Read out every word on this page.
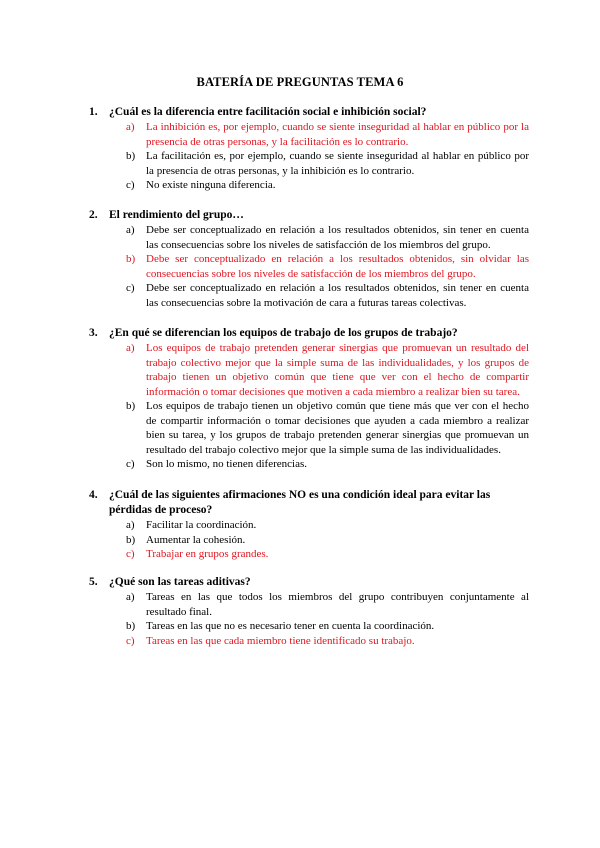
BATERÍA DE PREGUNTAS TEMA 6
1. ¿Cuál es la diferencia entre facilitación social e inhibición social?
a)	La inhibición es, por ejemplo, cuando se siente inseguridad al hablar en público por la presencia de otras personas, y la facilitación es lo contrario.
b) La facilitación es, por ejemplo, cuando se siente inseguridad al hablar en público por la presencia de otras personas, y la inhibición es lo contrario.
c)	No existe ninguna diferencia.
2. El rendimiento del grupo…
a)	Debe ser conceptualizado en relación a los resultados obtenidos, sin tener en cuenta las consecuencias sobre los niveles de satisfacción de los miembros del grupo.
b) Debe ser conceptualizado en relación a los resultados obtenidos, sin olvidar las consecuencias sobre los niveles de satisfacción de los miembros del grupo.
c)	Debe ser conceptualizado en relación a los resultados obtenidos, sin tener en cuenta las consecuencias sobre la motivación de cara a futuras tareas colectivas.
3. ¿En qué se diferencian los equipos de trabajo de los grupos de trabajo?
a)	Los equipos de trabajo pretenden generar sinergias que promuevan un resultado del trabajo colectivo mejor que la simple suma de las individualidades, y los grupos de trabajo tienen un objetivo común que tiene que ver con el hecho de compartir información o tomar decisiones que motiven a cada miembro a realizar bien su tarea.
b) Los equipos de trabajo tienen un objetivo común que tiene más que ver con el hecho de compartir información o tomar decisiones que ayuden a cada miembro a realizar bien su tarea, y los grupos de trabajo pretenden generar sinergias que promuevan un resultado del trabajo colectivo mejor que la simple suma de las individualidades.
c)	Son lo mismo, no tienen diferencias.
4. ¿Cuál de las siguientes afirmaciones NO es una condición ideal para evitar las pérdidas de proceso?
a)	Facilitar la coordinación.
b) Aumentar la cohesión.
c)	Trabajar en grupos grandes.
5. ¿Qué son las tareas aditivas?
a)	Tareas en las que todos los miembros del grupo contribuyen conjuntamente al resultado final.
b) Tareas en las que no es necesario tener en cuenta la coordinación.
c)	Tareas en las que cada miembro tiene identificado su trabajo.
